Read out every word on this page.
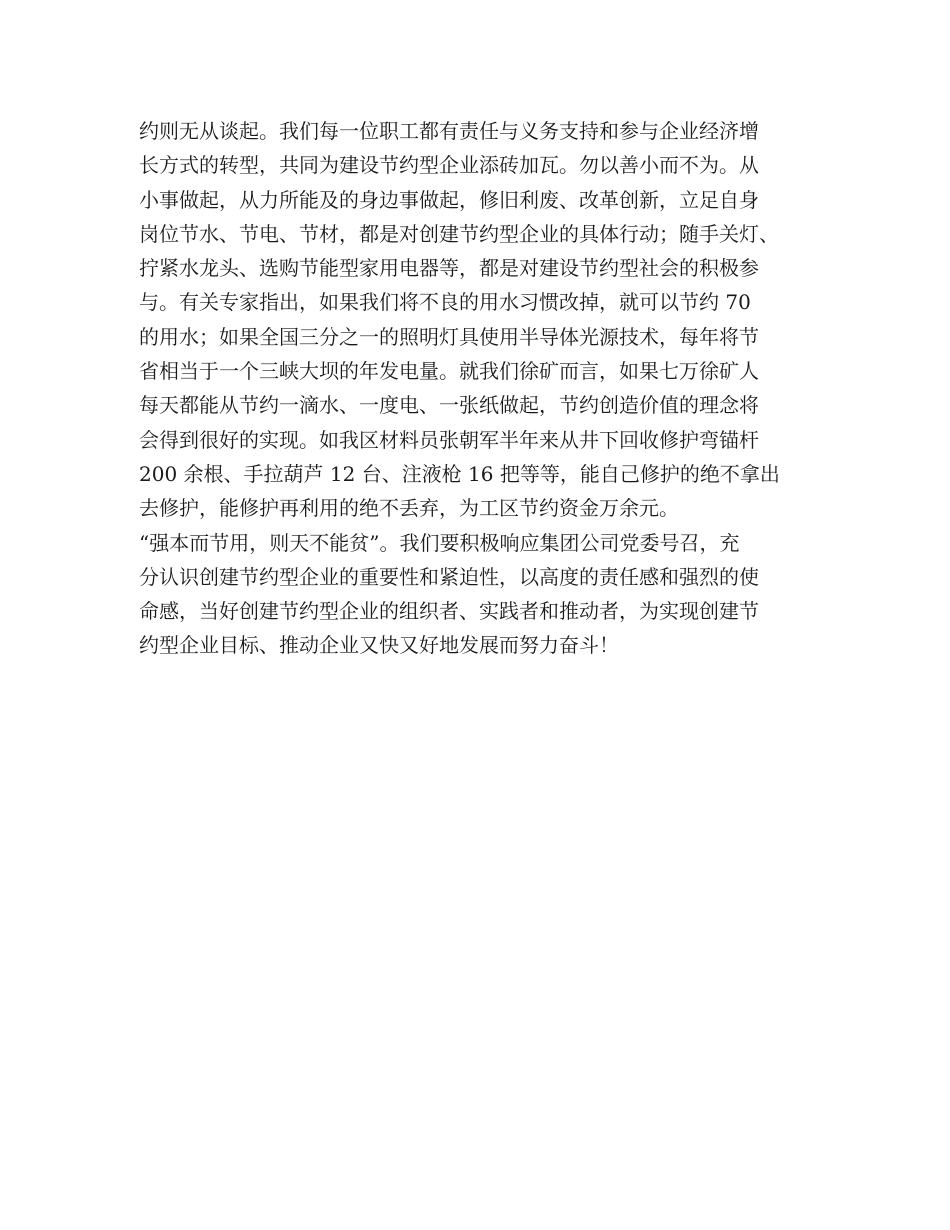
约则无从谈起。我们每一位职工都有责任与义务支持和参与企业经济增
长方式的转型，共同为建设节约型企业添砖加瓦。勿以善小而不为。从
小事做起，从力所能及的身边事做起，修旧利废、改革创新，立足自身
岗位节水、节电、节材，都是对创建节约型企业的具体行动；随手关灯、
拧紧水龙头、选购节能型家用电器等，都是对建设节约型社会的积极参
与。有关专家指出，如果我们将不良的用水习惯改掉，就可以节约 70
的用水；如果全国三分之一的照明灯具使用半导体光源技术，每年将节
省相当于一个三峡大坝的年发电量。就我们徐矿而言，如果七万徐矿人
每天都能从节约一滴水、一度电、一张纸做起，节约创造价值的理念将
会得到很好的实现。如我区材料员张朝军半年来从井下回收修护弯锚杆
200 余根、手拉葫芦 12 台、注液枪 16 把等等，能自己修护的绝不拿出
去修护，能修护再利用的绝不丢弃，为工区节约资金万余元。
“强本而节用，则天不能贫”。我们要积极响应集团公司党委号召，充
分认识创建节约型企业的重要性和紧迫性，以高度的责任感和强烈的使
命感，当好创建节约型企业的组织者、实践者和推动者，为实现创建节
约型企业目标、推动企业又快又好地发展而努力奋斗！
